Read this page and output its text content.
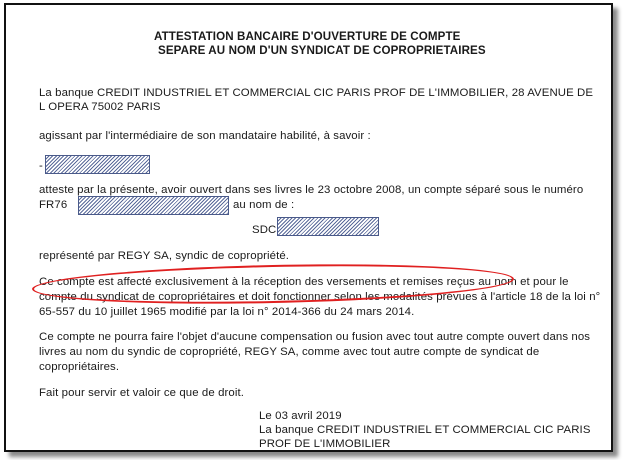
ATTESTATION BANCAIRE D'OUVERTURE DE COMPTE
SEPARE AU NOM D'UN SYNDICAT DE COPROPRIETAIRES
La banque CREDIT INDUSTRIEL ET COMMERCIAL CIC PARIS PROF DE L'IMMOBILIER, 28 AVENUE DE
L OPERA 75002 PARIS
agissant par l'intermédiaire de son mandataire habilité, à savoir :
-
atteste par la présente, avoir ouvert dans ses livres le 23 octobre 2008, un compte séparé sous le numéro
FR76	au nom de :
SDC
représenté par REGY SA, syndic de copropriété.
Ce compte est affecté exclusivement à la réception des versements et remises reçus au nom et pour le
compte du syndicat de copropriétaires et doit fonctionner selon les modalités prévues à l'article 18 de la loi n°
65-557 du 10 juillet 1965 modifié par la loi n° 2014-366 du 24 mars 2014.
Ce compte ne pourra faire l'objet d'aucune compensation ou fusion avec tout autre compte ouvert dans nos
livres au nom du syndic de copropriété, REGY SA, comme avec tout autre compte de syndicat de
copropriétaires.
Fait pour servir et valoir ce que de droit.
Le 03 avril 2019
La banque CREDIT INDUSTRIEL ET COMMERCIAL CIC PARIS
PROF DE L'IMMOBILIER
